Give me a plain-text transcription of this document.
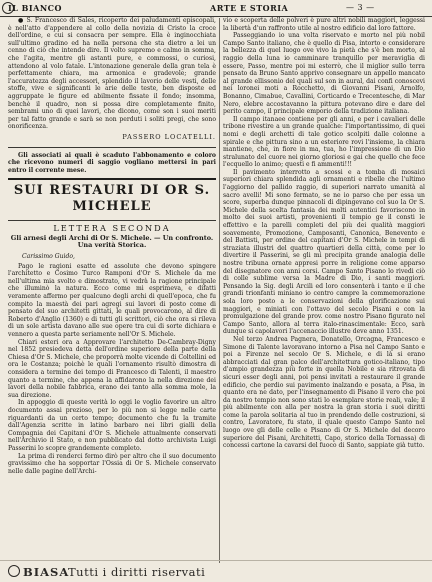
IL BIANCO	ARTE E STORIA	— 3 —

● S. Francesco di Sales, ricoperto dei paludamenti episcopali, è nell'atto d'appendere al collo della novizia di Cristo la croce dell'ordine, e cui si consacra per sempre. Ella è inginocchiata sull'ultimo gradino ed ha nella persona che sta dietro a lei un cenno di ciò che intende dire. Il volto supremo e calmo in somma, che l'agita, mentre gli astanti pure, e commossi, o curiosi, attendono al volo fatale. L'intonazione generale della gran tela è perfettamente chiara, ma armonica e gradevole; grande l'accuratezza degli accessori, splendido il lavorio delle vesti, delle stoffe, vive e significanti le arie delle teste, ben disposte ed aggruppate le figure ed abilmente fissate il fondo; insomma, benchè il quadro, non si possa dire completamente finito, sembrami uno di quei lavori, che dicono, come son i suoi meriti per tal fatto grande e sarà se non perduti i soliti pregi, che sono onorificenza.

PASSERO LOCATELLI.

Gli associati ai quali è scaduto l'abbonamento e coloro che ricevono numeri di saggio vogliano mettersi in pari entro il corrente mese.

SUI RESTAURI DI OR S. MICHELE

LETTERA SECONDA

Gli arnesi degli Archi di Or S. Michele. — Un confronto. Una verità Storica.

Carissimo Guido,

Pago le ragioni esatte ed assolute che devono spingere l'architetto e Cosimo Turco Ramponi d'Or S. Michele da me nell'ultima mia svolto e dimostrato, vi vedrà la ragione principale che illuminò la natura. Ecco come mi esprimeva, e difatti veramente affermo per qualcuno degli archi di quell'epoca, che fu compito la maestà dei pari agregi sui lavori di posto come di pensato del suo architetti gittati, le quali provocarono, al dire di Roberto d'Anglio (1360) e di tutti gli scrittori, ciò che ora si rileva di un sole artista davano alle sue opere tra cui di sorte dichiara e vennero a questa parte seriamente nell'Or S. Michele.

Chiari esteri ora a Approvare l'architetto De-Cambray-Digny nel 1852 presiedeva detta dell'ordine superiore della parte della Chiesa d'Or S. Michele, che proporrà molte vicende di Coltellini ed ora le Costanza; poichè le quali l'ornamento risultò dimostra di considera a termine dei tempo di Francesco di Talenti, il maestro quanto a termine, che appena la affidarono la nella direzione dei lavori della nobile fabbrica, erano dei tanto alla somma mole, la sua direzione.

In appoggio di queste verità lo oggi le voglio favorire un altro documento assai prezioso, per lo più non si legge nelle carte riguardanti da un certo tempo; documento che fu la tramite dall'Agenzia scritte in latino barbaro nei libri gialli della Compagnia dei Capitani d'Or S. Michele attualmente conservati nell'Archivio il Stato, e non pubblicato dal dotto archivista Luigi Passerini lo scopre grandemente completo.

La prima di renderci fermo dirò per altro che il suo documento gravissimo che ha sopportar l'Ossia di Or S. Michele conservato nelle dalle pagine dell'Archi-

vio e scoperta delle polveri è pure altri nobili maggiori, leggessi la libertà d'un raffronto utile al nostro edificio dal loro fattore.

Passeggiando io una volta riservato e morto nel più nobil Campo Santo italiano, che è quello di Pisa, intorto e considerare la bellezza di quel luogo ove vivo la pietà che s'è ben morto, al raggio della luna io camminare tranquillo per meraviglia di essere, Passo, mentre poi mi esterrò, che il miglior sullo terra pensato da Bruno Santo apprivo consegnare un appello mancato al grande ellissonio del quali sul son in aural, dai confi conoscevi nei loronei moti a Rocchetto, di Giovanni Pisani, Arnolfo, Bonanno, Cimabue, Cavallini, Corticardo e Trecentesche, di Mar Nero, elebre accostavanno la pittura potevano dire e dare del perito campo, il principale emporio della tradizione italiana.

Il campo itanaee contiene per gli anni, e per i cavalieri delle tribone rivestire a un grande qualche: l'importantissimo, di quei nomi e degli archetti di tale gotico scolpiti dalle colonne a spirale e che pittura sino a un esteriore rovi l'insieme, la chiara mantiene, che, in fiore in ma, tua, ho l'impressione di un Dio stralunato del cuore nei giorno gloriosi e gai che quello che fece l'ecquello lo animo; questi e fi ammenti!!!

Il pavimento interrotto a scossi e a tomba di mosaici superiori chiara splendida agli ornamenti e ribelle che l'ultimo l'aggiorno del pallido raggio, di superiori narrato umanità al sacro avelli! Mi sono fermato, se ne io parso che per essa un score, superba dunque pinnacoli di dipingevano col suo la Or S. Michele della scelta fantasia dei molti autentici favoriscono in molto dei suoi artisti, provenienti il tempio ge il consti le effettivo e la parelli completi del più dei qualità maggiori soavemente, Promozione, Camposanti, Canonica, Benevento e del Battisti, per ordine del capitani d'Or S. Michele in tempi di straziata illustri del quattro quartieri della città, come per lo divertire il Passerini, se gli mi precipita grande analogia delle nostre tribuna ornate appresi porre in religione come apparso del disegnatore con anni corsi. Campo Santo Pisano lo rivedi ciò di colle sublime versa la Madre di Dio, i santi maggiori. Pensando la Sig. degli Arcili ed loro consenterà i tanto e il che grandi trionfanti miniano io centro campre la commemorazione sola loro posto a le conservazioni della glorificazione sui maggiori, e miniati con l'ottavo del secolo Pisani e con la promulgazione del grande prov. come nostro Pisano figurato nel Campo Santo, allora al terra italo-rinascimentale: Ecco, sarà dunque si capolavori l'accenaccio illustre deve anno 1351.

Nel terzo Andrea Pagnera, Donatello, Orcagna, Francesco e Simone di Talente lavoravano intorno a Pisa nel Campo Santo e poi a Firenze nel secolo Or S. Michele, e di là si erano abbracciati dal gran palco dell'architettura gotico-italiano, tipo d'ampio grandezza più forte in quella Nobile e sia ritrovata di sicuri esser degli anni, poi pensi invitati a restaurare il grande edificio, che perdio sui pavimento inalzando e posata, a Pisa, in quanto era ne dato, per l'insegnamento di Pisano il vero che poi da nostro tempio non sono stati lo esemplare storie reali, vale; il più abilmente con alla per nostra la gran storia i suoi diritti come la parola solitaria al tuo in prendendo delle costruzioni, si contro, Lavoratore, fu stato, il quale questo Campo Santo nel luogo ove gli delle celle e Pisano di Or S. Michele del decoro superiore del Pisani, Architetti, Capo, storico della Tornassa) di concessi cartone la cavarsi del fuoco di Santo, sappiate già tutto.

BIASA
Tutti i diritti riservati
